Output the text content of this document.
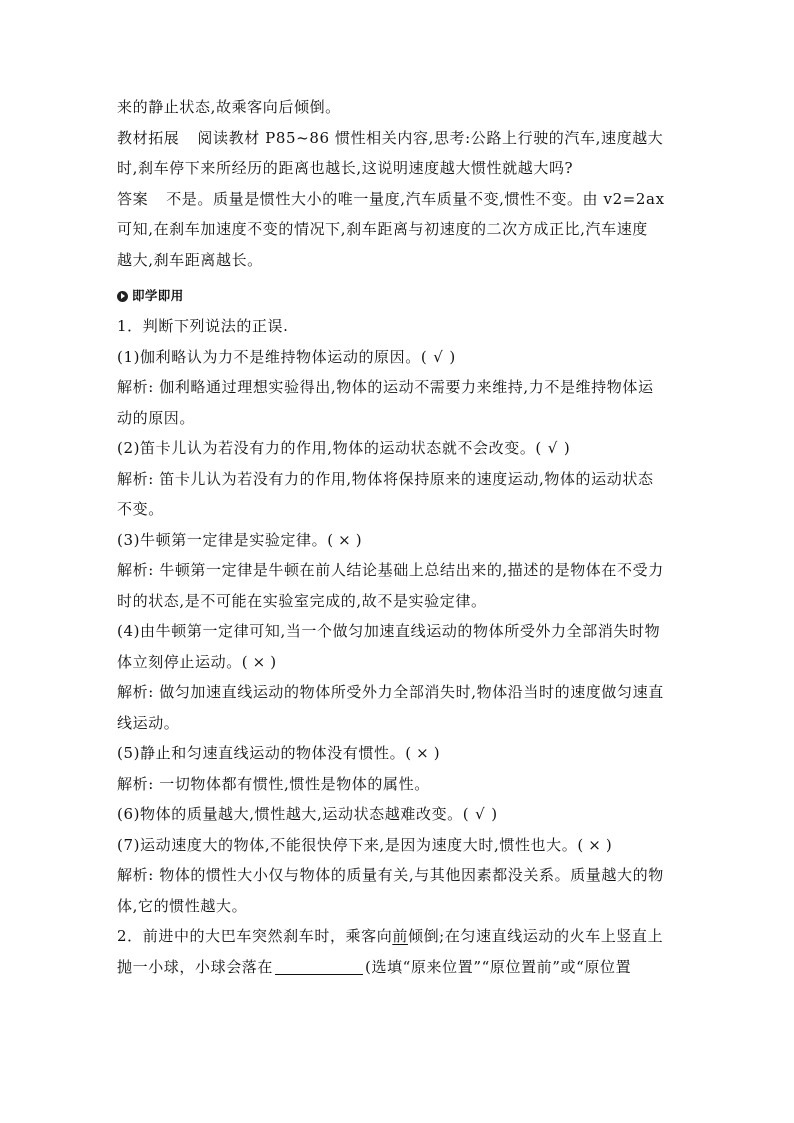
来的静止状态,故乘客向后倾倒。
教材拓展 阅读教材 P85~86 惯性相关内容,思考:公路上行驶的汽车,速度越大
时,刹车停下来所经历的距离也越长,这说明速度越大惯性就越大吗?
答案 不是。质量是惯性大小的唯一量度,汽车质量不变,惯性不变。由 v2=2ax
可知,在刹车加速度不变的情况下,刹车距离与初速度的二次方成正比,汽车速度
越大,刹车距离越长。
即学即用
1．判断下列说法的正误.
(1)伽利略认为力不是维持物体运动的原因。( √ )
解析: 伽利略通过理想实验得出,物体的运动不需要力来维持,力不是维持物体运
动的原因。
(2)笛卡儿认为若没有力的作用,物体的运动状态就不会改变。( √ )
解析: 笛卡儿认为若没有力的作用,物体将保持原来的速度运动,物体的运动状态
不变。
(3)牛顿第一定律是实验定律。( × )
解析: 牛顿第一定律是牛顿在前人结论基础上总结出来的,描述的是物体在不受力
时的状态,是不可能在实验室完成的,故不是实验定律。
(4)由牛顿第一定律可知,当一个做匀加速直线运动的物体所受外力全部消失时物
体立刻停止运动。( × )
解析: 做匀加速直线运动的物体所受外力全部消失时,物体沿当时的速度做匀速直
线运动。
(5)静止和匀速直线运动的物体没有惯性。( × )
解析: 一切物体都有惯性,惯性是物体的属性。
(6)物体的质量越大,惯性越大,运动状态越难改变。( √ )
(7)运动速度大的物体,不能很快停下来,是因为速度大时,惯性也大。( × )
解析: 物体的惯性大小仅与物体的质量有关,与其他因素都没关系。质量越大的物
体,它的惯性越大。
2．前进中的大巴车突然刹车时，乘客向前倾倒;在匀速直线运动的火车上竖直上
抛一小球，小球会落在	(选填“原来位置”“原位置前”或“原位置
